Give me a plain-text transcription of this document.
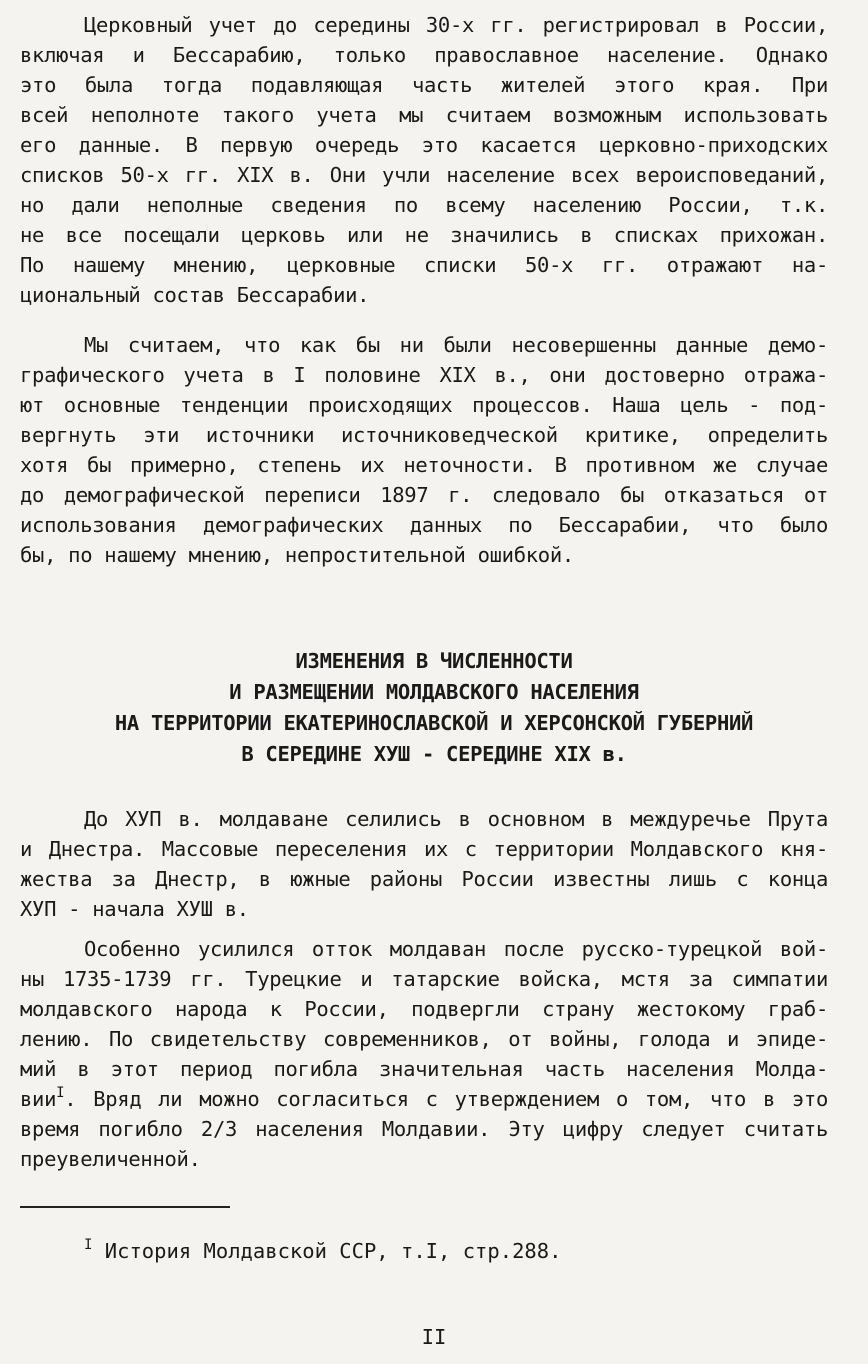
Церковный учет до середины 30-х гг. регистрировал в России,
включая и Бессарабию, только православное население. Однако
это была тогда подавляющая часть жителей этого края. При
всей неполноте такого учета мы считаем возможным использовать
его данные. В первую очередь это касается церковно-приходских
списков 50-х гг. XIX в. Они учли население всех вероисповеданий,
но дали неполные сведения по всему населению России, т.к.
не все посещали церковь или не значились в списках прихожан.
По нашему мнению, церковные списки 50-х гг. отражают на-
циональный состав Бессарабии.
Мы считаем, что как бы ни были несовершенны данные демо-
графического учета в I половине XIX в., они достоверно отража-
ют основные тенденции происходящих процессов. Наша цель - под-
вергнуть эти источники источниковедческой критике, определить
хотя бы примерно, степень их неточности. В противном же случае
до демографической переписи 1897 г. следовало бы отказаться от
использования демографических данных по Бессарабии, что было
бы, по нашему мнению, непростительной ошибкой.
ИЗМЕНЕНИЯ В ЧИСЛЕННОСТИ
И РАЗМЕЩЕНИИ МОЛДАВСКОГО НАСЕЛЕНИЯ
НА ТЕРРИТОРИИ ЕКАТЕРИНОСЛАВСКОЙ И ХЕРСОНСКОЙ ГУБЕРНИЙ
В СЕРЕДИНЕ ХУШ - СЕРЕДИНЕ XIX в.
До ХУП в. молдаване селились в основном в междуречье Прута
и Днестра. Массовые переселения их с территории Молдавского кня-
жества за Днестр, в южные районы России известны лишь с конца
ХУП - начала ХУШ в.
Особенно усилился отток молдаван после русско-турецкой вой-
ны 1735-1739 гг. Турецкие и татарские войска, мстя за симпатии
молдавского народа к России, подвергли страну жестокому граб-
лению. По свидетельству современников, от войны, голода и эпиде-
мий в этот период погибла значительная часть населения Молда-
вии$^I$. Вряд ли можно согласиться с утверждением о том, что в это
время погибло 2/3 населения Молдавии. Эту цифру следует считать
преувеличенной.
$^I$ История Молдавской ССР, т.I, стр.288.
II
